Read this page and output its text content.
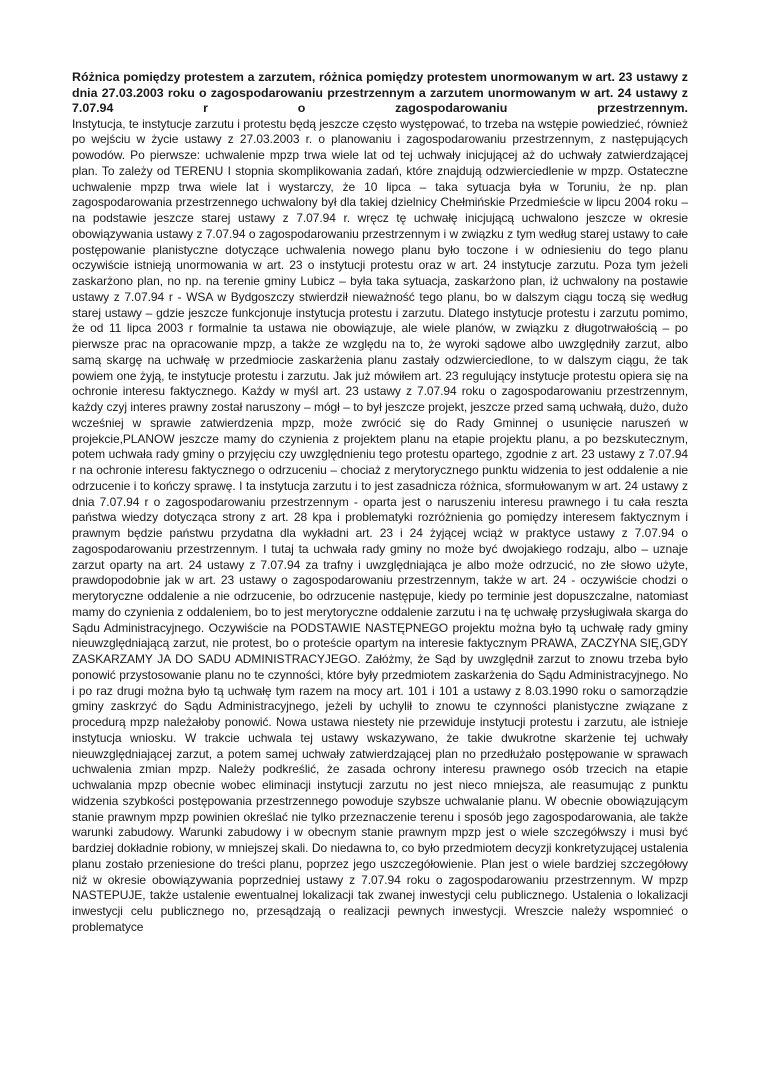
Różnica pomiędzy protestem a zarzutem, różnica pomiędzy protestem unormowanym w art. 23 ustawy z dnia 27.03.2003 roku o zagospodarowaniu przestrzennym a zarzutem unormowanym w art. 24 ustawy z 7.07.94 r o zagospodarowaniu przestrzennym.

Instytucja, te instytucje zarzutu i protestu będą jeszcze często występować, to trzeba na wstępie powiedzieć, również po wejściu w życie ustawy z 27.03.2003 r. o planowaniu i zagospodarowaniu przestrzennym, z następujących powodów. Po pierwsze: uchwalenie mpzp trwa wiele lat od tej uchwały inicjującej aż do uchwały zatwierdzającej plan. To zależy od TERENU I stopnia skomplikowania zadań, które znajdują odzwierciedlenie w mpzp. Ostateczne uchwalenie mpzp trwa wiele lat i wystarczy, że 10 lipca – taka sytuacja była w Toruniu, że np. plan zagospodarowania przestrzennego uchwalony był dla takiej dzielnicy Chełmińskie Przedmieście w lipcu 2004 roku – na podstawie jeszcze starej ustawy z 7.07.94 r. wręcz tę uchwałę inicjującą uchwalono jeszcze w okresie obowiązywania ustawy z 7.07.94 o zagospodarowaniu przestrzennym i w związku z tym według starej ustawy to całe postępowanie planistyczne dotyczące uchwalenia nowego planu było toczone i w odniesieniu do tego planu oczywiście istnieją unormowania w art. 23 o instytucji protestu oraz w art. 24 instytucje zarzutu. Poza tym jeżeli zaskarżono plan, no np. na terenie gminy Lubicz – była taka sytuacja, zaskarżono plan, iż uchwalony na postawie ustawy z 7.07.94 r - WSA w Bydgoszczy stwierdził nieważność tego planu, bo w dalszym ciągu toczą się według starej ustawy – gdzie jeszcze funkcjonuje instytucja protestu i zarzutu. Dlatego instytucje protestu i zarzutu pomimo, że od 11 lipca 2003 r formalnie ta ustawa nie obowiązuje, ale wiele planów, w związku z długotrwałością – po pierwsze prac na opracowanie mpzp, a także ze względu na to, że wyroki sądowe albo uwzględniły zarzut, albo samą skargę na uchwałę w przedmiocie zaskarżenia planu zastały odzwierciedlone, to w dalszym ciągu, że tak powiem one żyją, te instytucje protestu i zarzutu. Jak już mówiłem art. 23 regulujący instytucje protestu opiera się na ochronie interesu faktycznego. Każdy w myśl art. 23 ustawy z 7.07.94 roku o zagospodarowaniu przestrzennym, każdy czyj interes prawny został naruszony – mógł – to był jeszcze projekt, jeszcze przed samą uchwałą, dużo, dużo wcześniej w sprawie zatwierdzenia mpzp, może zwrócić się do Rady Gminnej o usunięcie naruszeń w projekcie,PLANOW jeszcze mamy do czynienia z projektem planu na etapie projektu planu, a po bezskutecznym, potem uchwała rady gminy o przyjęciu czy uwzględnieniu tego protestu opartego, zgodnie z art. 23 ustawy z 7.07.94 r na ochronie interesu faktycznego o odrzuceniu – chociaż z merytorycznego punktu widzenia to jest oddalenie a nie odrzucenie i to kończy sprawę. I ta instytucja zarzutu i to jest zasadnicza różnica, sformułowanym w art. 24 ustawy z dnia 7.07.94 r o zagospodarowaniu przestrzennym - oparta jest o naruszeniu interesu prawnego i tu cała reszta państwa wiedzy dotycząca strony z art. 28 kpa i problematyki rozróżnienia go pomiędzy interesem faktycznym i prawnym będzie państwu przydatna dla wykładni art. 23 i 24 żyjącej wciąż w praktyce ustawy z 7.07.94 o zagospodarowaniu przestrzennym. I tutaj ta uchwała rady gminy no może być dwojakiego rodzaju, albo – uznaje zarzut oparty na art. 24 ustawy z 7.07.94 za trafny i uwzględniająca je albo może odrzucić, no złe słowo użyte, prawdopodobnie jak w art. 23 ustawy o zagospodarowaniu przestrzennym, także w art. 24 - oczywiście chodzi o merytoryczne oddalenie a nie odrzucenie, bo odrzucenie następuje, kiedy po terminie jest dopuszczalne, natomiast mamy do czynienia z oddaleniem, bo to jest merytoryczne oddalenie zarzutu i na tę uchwałę przysługiwała skarga do Sądu Administracyjnego. Oczywiście na PODSTAWIE NASTĘPNEGO projektu można było tą uchwałę rady gminy nieuwzględniającą zarzut, nie protest, bo o proteście opartym na interesie faktycznym PRAWA, ZACZYNA SIĘ,GDY ZASKARZAMY JA DO SADU ADMINISTRACYJEGO. Załóżmy, że Sąd by uwzględnił zarzut to znowu trzeba było ponowić przystosowanie planu no te czynności, które były przedmiotem zaskarżenia do Sądu Administracyjnego. No i po raz drugi można było tą uchwałę tym razem na mocy art. 101 i 101 a ustawy z 8.03.1990 roku o samorządzie gminy zaskrzyć do Sądu Administracyjnego, jeżeli by uchylił to znowu te czynności planistyczne związane z procedurą mpzp należałoby ponowić. Nowa ustawa niestety nie przewiduje instytucji protestu i zarzutu, ale istnieje instytucja wniosku. W trakcie uchwala tej ustawy wskazywano, że takie dwukrotne skarżenie tej uchwały nieuwzględniającej zarzut, a potem samej uchwały zatwierdzającej plan no przedłużało postępowanie w sprawach uchwalenia zmian mpzp. Należy podkreślić, że zasada ochrony interesu prawnego osób trzecich na etapie uchwalania mpzp obecnie wobec eliminacji instytucji zarzutu no jest nieco mniejsza, ale reasumując z punktu widzenia szybkości postępowania przestrzennego powoduje szybsze uchwalanie planu. W obecnie obowiązującym stanie prawnym mpzp powinien określać nie tylko przeznaczenie terenu i sposób jego zagospodarowania, ale także warunki zabudowy. Warunki zabudowy i w obecnym stanie prawnym mpzp jest o wiele szczegółwszy i musi być bardziej dokładnie robiony, w mniejszej skali. Do niedawna to, co było przedmiotem decyzji konkretyzującej ustalenia planu zostało przeniesione do treści planu, poprzez jego uszczegółowienie. Plan jest o wiele bardziej szczegółowy niż w okresie obowiązywania poprzedniej ustawy z 7.07.94 roku o zagospodarowaniu przestrzennym. W mpzp NASTEPUJE, także ustalenie ewentualnej lokalizacji tak zwanej inwestycji celu publicznego. Ustalenia o lokalizacji inwestycji celu publicznego no, przesądzają o realizacji pewnych inwestycji. Wreszcie należy wspomnieć o problematyce
